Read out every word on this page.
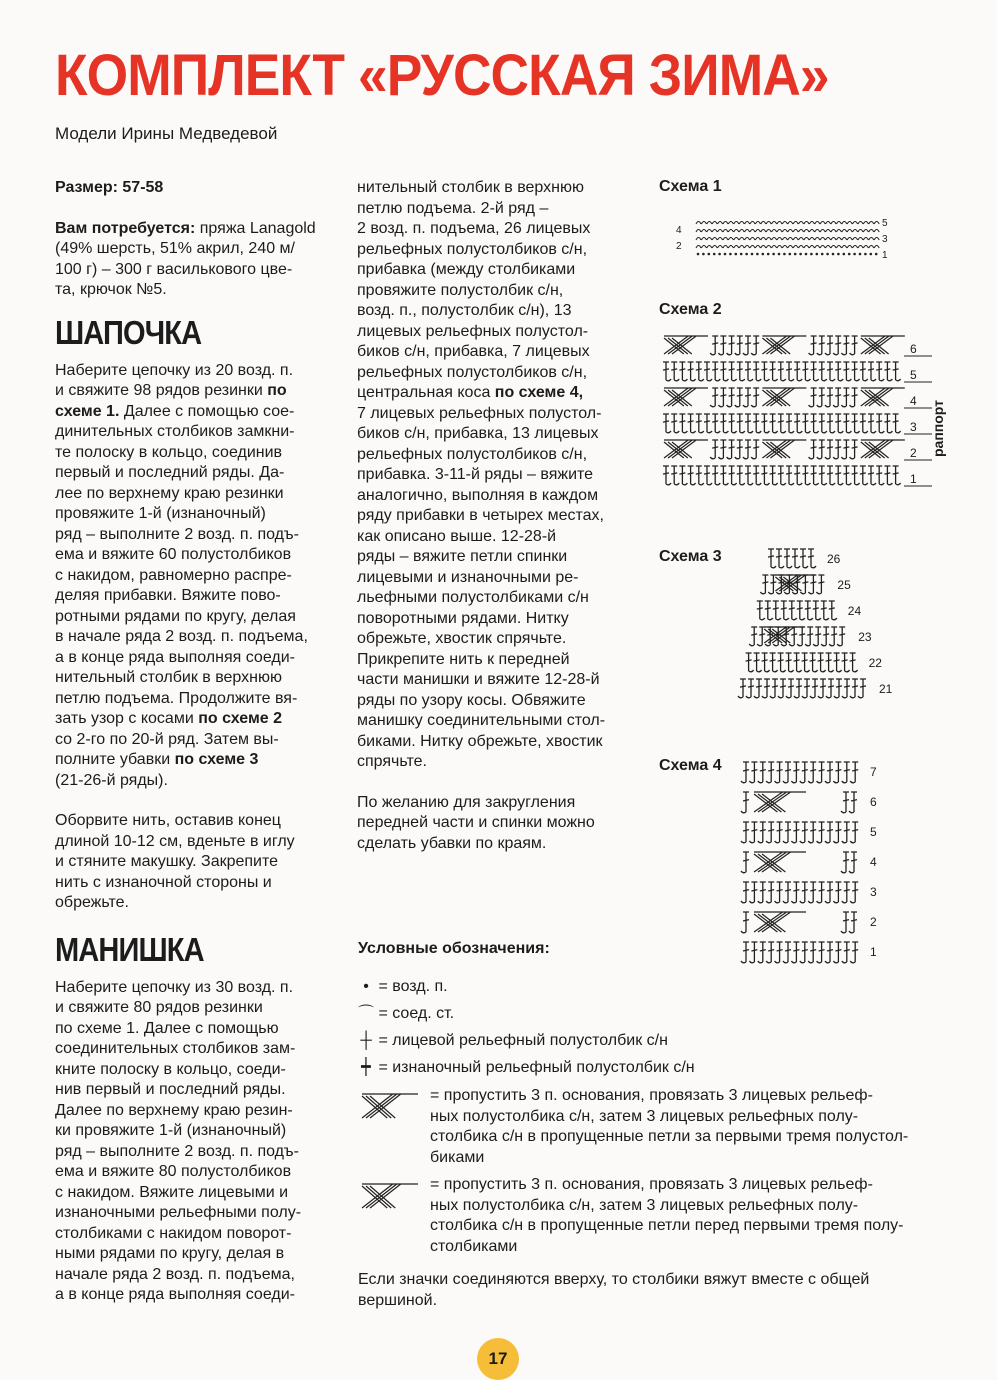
КОМПЛЕКТ «РУССКАЯ ЗИМА»
Модели Ирины Медведевой

Размер: 57-58

Вам потребуется: пряжа Lanagold

(49% шерсть, 51% акрил, 240 м/

100 г) – 300 г василькового цве-

та, крючок №5.

ШАПОЧКА
Наберите цепочку из 20 возд. п.
и свяжите 98 рядов резинки по
схеме 1. Далее с помощью сое-
динительных столбиков замкни-
те полоску в кольцо, соединив
первый и последний ряды. Да-
лее по верхнему краю резинки
провяжите 1-й (изнаночный)
ряд – выполните 2 возд. п. подъ-
ема и вяжите 60 полустолбиков
с накидом, равномерно распре-
деляя прибавки. Вяжите пово-
ротными рядами по кругу, делая
в начале ряда 2 возд. п. подъема,
а в конце ряда выполняя соеди-
нительный столбик в верхнюю
петлю подъема. Продолжите вя-
зать узор с косами по схеме 2
со 2-го по 20-й ряд. Затем вы-
полните убавки по схеме 3
(21-26-й ряды).
Оборвите нить, оставив конец
длиной 10-12 см, вденьте в иглу
и стяните макушку. Закрепите
нить с изнаночной стороны и
обрежьте.
МАНИШКА
Наберите цепочку из 30 возд. п.
и свяжите 80 рядов резинки
по схеме 1. Далее с помощью
соединительных столбиков зам-
кните полоску в кольцо, соеди-
нив первый и последний ряды.
Далее по верхнему краю резин-
ки провяжите 1-й (изнаночный)
ряд – выполните 2 возд. п. подъ-
ема и вяжите 80 полустолбиков
с накидом. Вяжите лицевыми и
изнаночными рельефными полу-
столбиками с накидом поворот-
ными рядами по кругу, делая в
начале ряда 2 возд. п. подъема,
а в конце ряда выполняя соеди-
нительный столбик в верхнюю
петлю подъема. 2-й ряд –
2 возд. п. подъема, 26 лицевых
рельефных полустолбиков с/н,
прибавка (между столбиками
провяжите полустолбик с/н,
возд. п., полустолбик с/н), 13
лицевых рельефных полустол-
биков с/н, прибавка, 7 лицевых
рельефных полустолбиков с/н,
центральная коса по схеме 4,
7 лицевых рельефных полустол-
биков с/н, прибавка, 13 лицевых
рельефных полустолбиков с/н,
прибавка. 3-11-й ряды – вяжите
аналогично, выполняя в каждом
ряду прибавки в четырех местах,
как описано выше. 12-28-й
ряды – вяжите петли спинки
лицевыми и изнаночными ре-
льефными полустолбиками с/н
поворотными рядами. Нитку
обрежьте, хвостик спрячьте.
Прикрепите нить к передней
части манишки и вяжите 12-28-й
ряды по узору косы. Обвяжите
манишку соединительными стол-
биками. Нитку обрежьте, хвостик
спрячьте.
По желанию для закругления
передней части и спинки можно
сделать убавки по краям.
Схема 1
Схема 2
Схема 3
Схема 4
4
2
5
3
1
6
5
4
3
2
1
раппорт
26
25
24
23
22
21
7
6
5
4
3
2
1
Условные обозначения:
• = возд. п.
⌒ = соед. ст.
┼ = лицевой рельефный полустолбик с/н
┿ = изнаночный рельефный полустолбик с/н
= пропустить 3 п. основания, провязать 3 лицевых рельеф-
ных полустолбика с/н, затем 3 лицевых рельефных полу-
столбика с/н в пропущенные петли за первыми тремя полустол-
биками
= пропустить 3 п. основания, провязать 3 лицевых рельеф-
ных полустолбика с/н, затем 3 лицевых рельефных полу-
столбика с/н в пропущенные петли перед первыми тремя полу-
столбиками
Если значки соединяются вверху, то столбики вяжут вместе с общей
вершиной.
17
